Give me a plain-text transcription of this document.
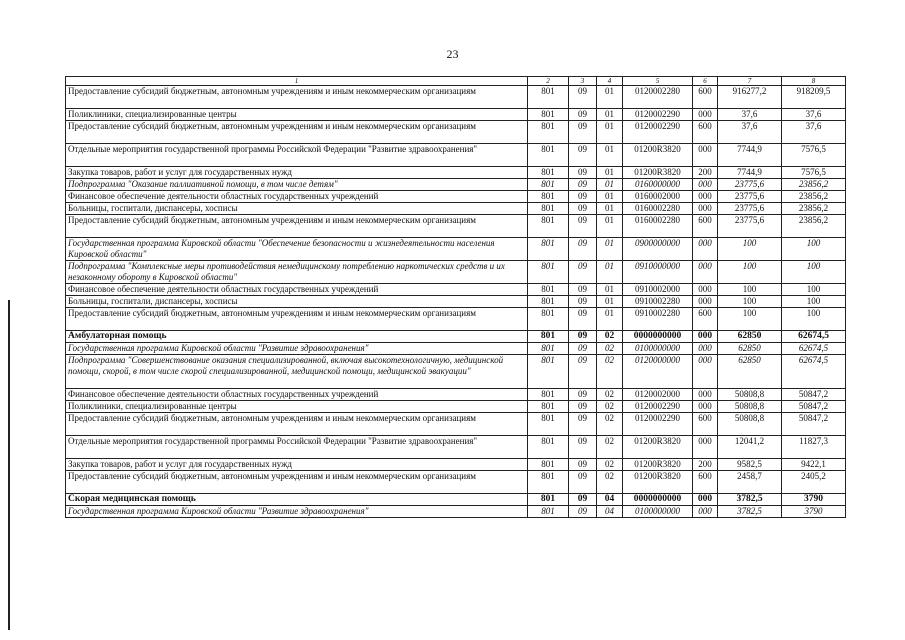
23
1	2	3	4	5	6	7	8
Предоставление субсидий бюджетным, автономным учреждениям и иным некоммерческим организациям	801	09	01	0120002280	600	916277,2	918209,5
Поликлиники, специализированные центры	801	09	01	0120002290	000	37,6	37,6
Предоставление субсидий бюджетным, автономным учреждениям и иным некоммерческим организациям	801	09	01	0120002290	600	37,6	37,6
Отдельные мероприятия государственной программы Российской Федерации "Развитие здравоохранения"	801	09	01	01200R3820	000	7744,9	7576,5
Закупка товаров, работ и услуг для государственных нужд	801	09	01	01200R3820	200	7744,9	7576,5
Подпрограмма "Оказание паллиативной помощи, в том числе детям"	801	09	01	0160000000	000	23775,6	23856,2
Финансовое обеспечение деятельности областных государственных учреждений	801	09	01	0160002000	000	23775,6	23856,2
Больницы, госпитали, диспансеры, хосписы	801	09	01	0160002280	000	23775,6	23856,2
Предоставление субсидий бюджетным, автономным учреждениям и иным некоммерческим организациям	801	09	01	0160002280	600	23775,6	23856,2
Государственная программа Кировской области "Обеспечение безопасности и жизнедеятельности населения Кировской области"	801	09	01	0900000000	000	100	100
Подпрограмма "Комплексные меры противодействия немедицинскому потреблению наркотических средств и их незаконному обороту в Кировской области"	801	09	01	0910000000	000	100	100
Финансовое обеспечение деятельности областных государственных учреждений	801	09	01	0910002000	000	100	100
Больницы, госпитали, диспансеры, хосписы	801	09	01	0910002280	000	100	100
Предоставление субсидий бюджетным, автономным учреждениям и иным некоммерческим организациям	801	09	01	0910002280	600	100	100
Амбулаторная помощь	801	09	02	0000000000	000	62850	62674,5
Государственная программа Кировской области "Развитие здравоохранения"	801	09	02	0100000000	000	62850	62674,5
Подпрограмма "Совершенствование оказания специализированной, включая высокотехнологичную, медицинской помощи, скорой, в том числе скорой специализированной, медицинской помощи, медицинской эвакуации"	801	09	02	0120000000	000	62850	62674,5
Финансовое обеспечение деятельности областных государственных учреждений	801	09	02	0120002000	000	50808,8	50847,2
Поликлиники, специализированные центры	801	09	02	0120002290	000	50808,8	50847,2
Предоставление субсидий бюджетным, автономным учреждениям и иным некоммерческим организациям	801	09	02	0120002290	600	50808,8	50847,2
Отдельные мероприятия государственной программы Российской Федерации "Развитие здравоохранения"	801	09	02	01200R3820	000	12041,2	11827,3
Закупка товаров, работ и услуг для государственных нужд	801	09	02	01200R3820	200	9582,5	9422,1
Предоставление субсидий бюджетным, автономным учреждениям и иным некоммерческим организациям	801	09	02	01200R3820	600	2458,7	2405,2
Скорая медицинская помощь	801	09	04	0000000000	000	3782,5	3790
Государственная программа Кировской области "Развитие здравоохранения"	801	09	04	0100000000	000	3782,5	3790
